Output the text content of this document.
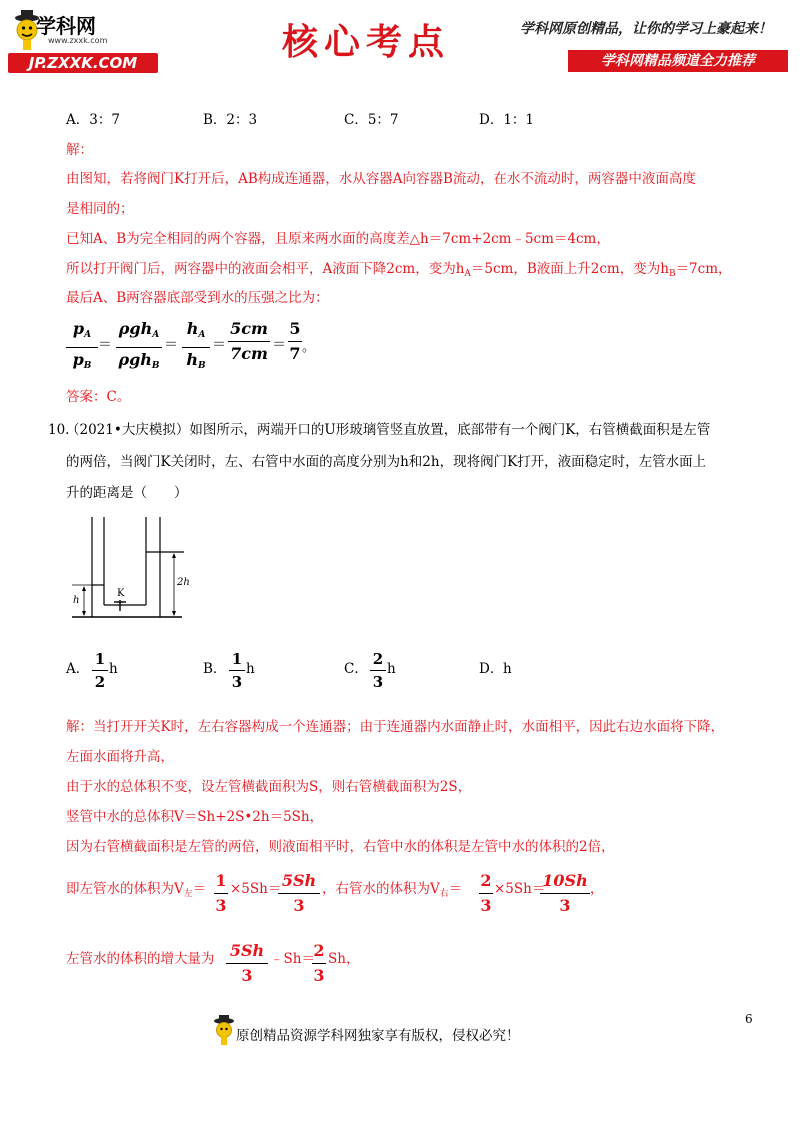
学科网
www.zxxk.com
JP.ZXXK.COM	核心考点	学科网原创精品，让你的学习上豪起来！
学科网精品频道全力推荐
A．3：7	B．2：3	C．5：7	D．1：1
解：
由图知，若将阀门K打开后，AB构成连通器，水从容器A向容器B流动，在水不流动时，两容器中液面高度
是相同的；
已知A、B为完全相同的两个容器，且原来两水面的高度差△h＝7cm+2cm﹣5cm＝4cm，
所以打开阀门后，两容器中的液面会相平，A液面下降2cm，变为$h_A=5cm$，B液面上升2cm，变为$h_B=7cm$，
最后A、B两容器底部受到水的压强之比为：
$p_A$
$p_B$
＝
ρgh$_A$
ρgh$_B$
＝
$h_A$
$h_B$
＝
5cm
7cm ＝
5
7 。
答案：C。
10.
（2021•大庆模拟）如图所示，两端开口的U形玻璃管竖直放置，底部带有一个阀门K，右管横截面积是左管
的两倍，当阀门K关闭时，左、右管中水面的高度分别为h和2h，现将阀门K打开，液面稳定时，左管水面上
升的距离是（　　）
h
2h
K
A．
1
2
h	B．
1
3
h	C．
2
3
h	D． h
解：当打开开关K时，左右容器构成一个连通器；由于连通器内水面静止时，水面相平，因此右边水面将下降，
左面水面将升高，
由于水的总体积不变，设左管横截面积为S，则右管横截面积为2S，
竖管中水的总体积V＝Sh+2S•2h＝5Sh，
因为右管横截面积是左管的两倍，则液面相平时，右管中水的体积是左管中水的体积的2倍，
即左管水的体积为$V_左= 1$
3
×5Sh＝ 5Sh
3
，右管水的体积为$V_右= 2$
3
×5Sh＝
10Sh
3
，
左管水的体积的增大量为 5Sh
3
﹣Sh＝
2
3
Sh，
原创精品资源学科网独家享有版权，侵权必究！
6
